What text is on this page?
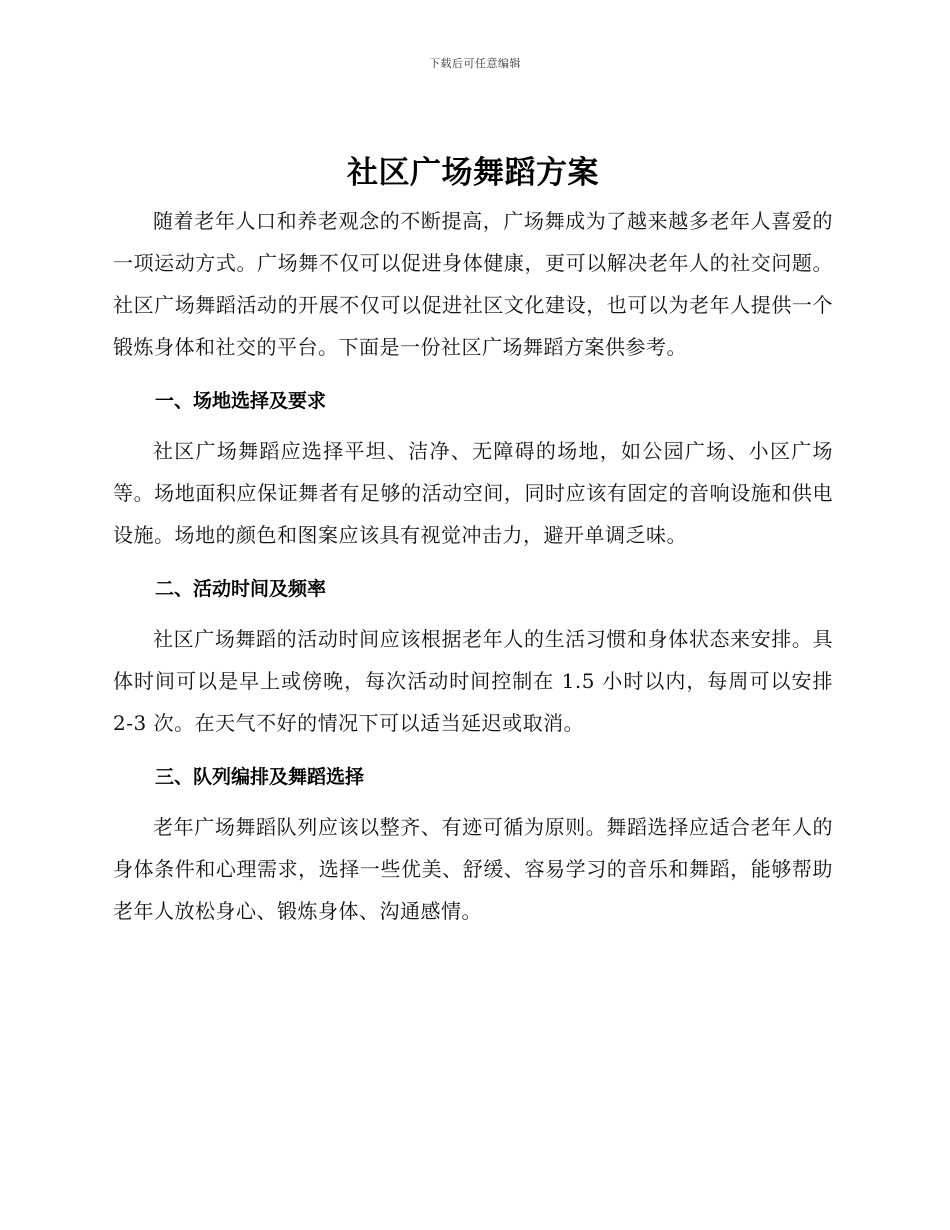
下载后可任意编辑
社区广场舞蹈方案

随着老年人口和养老观念的不断提高，广场舞成为了越来越多老年人喜爱的一项运动方式。广场舞不仅可以促进身体健康，更可以解决老年人的社交问题。社区广场舞蹈活动的开展不仅可以促进社区文化建设，也可以为老年人提供一个锻炼身体和社交的平台。下面是一份社区广场舞蹈方案供参考。

一、场地选择及要求

社区广场舞蹈应选择平坦、洁净、无障碍的场地，如公园广场、小区广场等。场地面积应保证舞者有足够的活动空间，同时应该有固定的音响设施和供电设施。场地的颜色和图案应该具有视觉冲击力，避开单调乏味。

二、活动时间及频率

社区广场舞蹈的活动时间应该根据老年人的生活习惯和身体状态来安排。具体时间可以是早上或傍晚，每次活动时间控制在 1.5 小时以内，每周可以安排 2-3 次。在天气不好的情况下可以适当延迟或取消。

三、队列编排及舞蹈选择

老年广场舞蹈队列应该以整齐、有迹可循为原则。舞蹈选择应适合老年人的身体条件和心理需求，选择一些优美、舒缓、容易学习的音乐和舞蹈，能够帮助老年人放松身心、锻炼身体、沟通感情。
